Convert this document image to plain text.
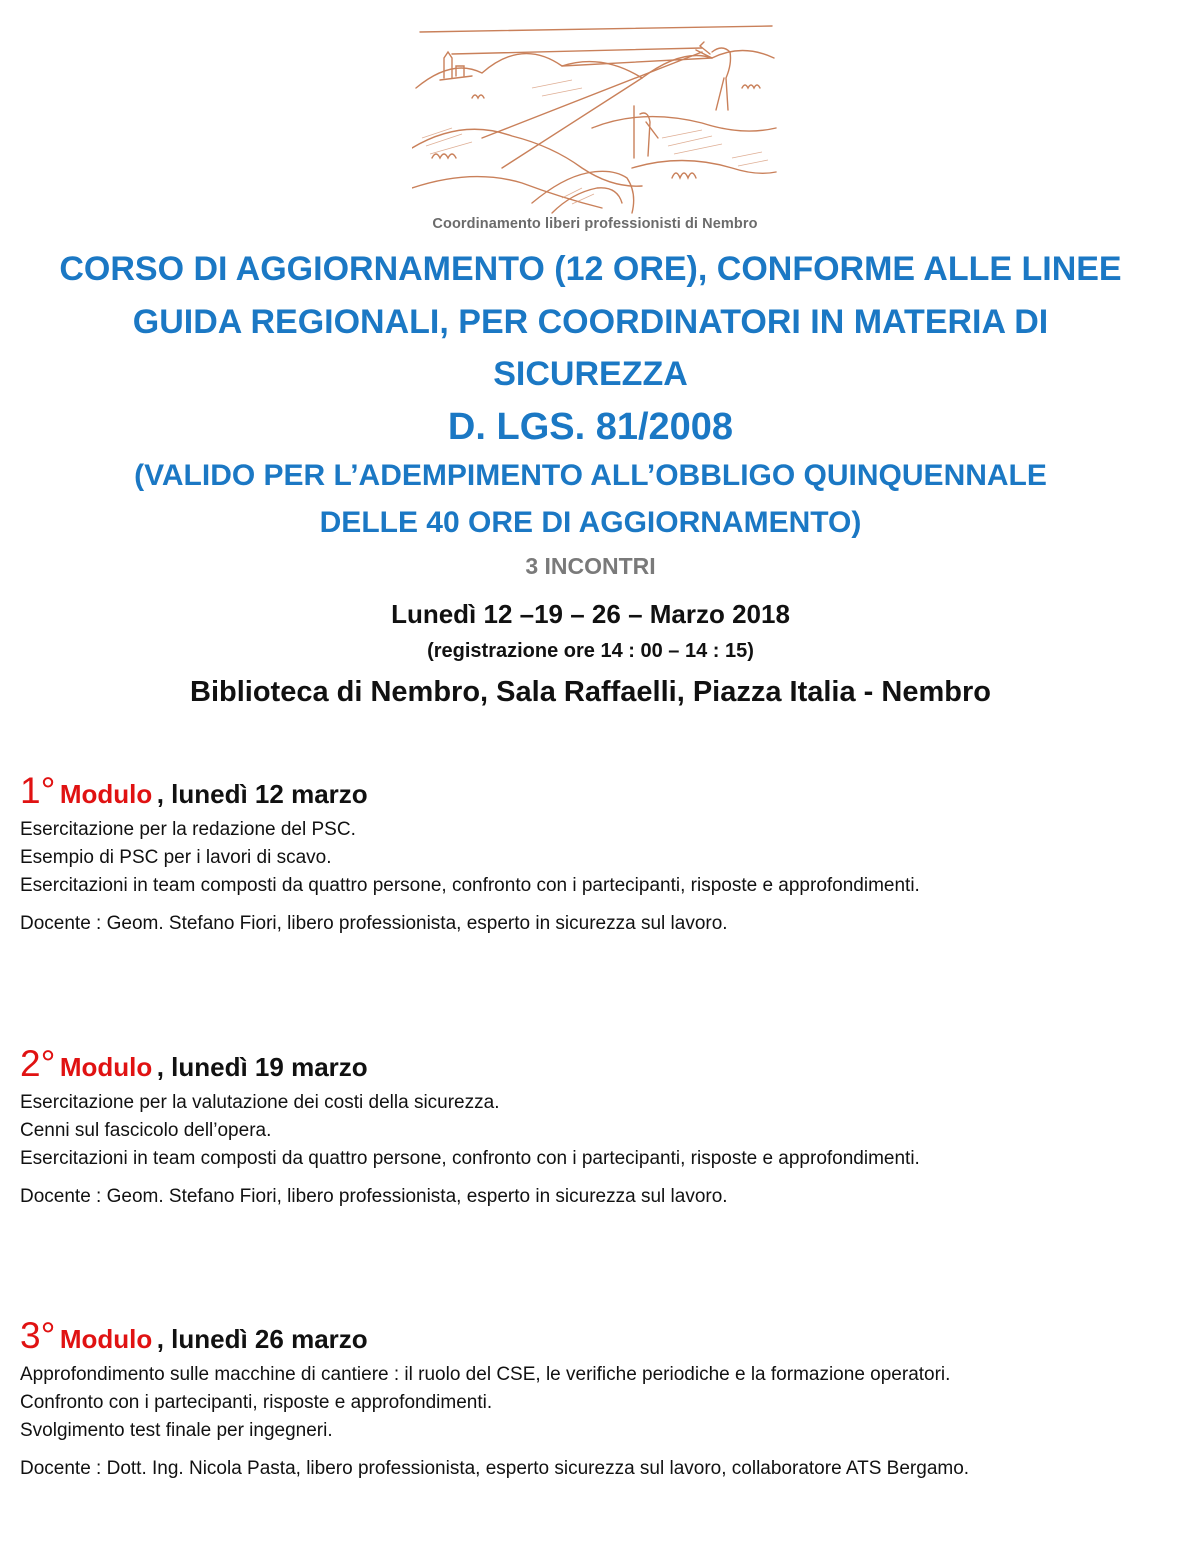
Coordinamento liberi professionisti di Nembro
CORSO DI AGGIORNAMENTO (12 ORE), CONFORME ALLE LINEE
GUIDA REGIONALI, PER COORDINATORI IN MATERIA DI
SICUREZZA
D. LGS. 81/2008
(VALIDO PER L’ADEMPIMENTO ALL’OBBLIGO QUINQUENNALE
DELLE 40 ORE DI AGGIORNAMENTO)
3 INCONTRI
Lunedì 12 –19 – 26 – Marzo 2018
(registrazione ore 14 : 00 – 14 : 15)
Biblioteca di Nembro, Sala Raffaelli, Piazza Italia - Nembro
1° Modulo , lunedì 12 marzo
Esercitazione per la redazione del PSC.
Esempio di PSC per i lavori di scavo.
Esercitazioni in team composti da quattro persone, confronto con i partecipanti, risposte e approfondimenti.
Docente : Geom. Stefano Fiori, libero professionista, esperto in sicurezza sul lavoro.
2° Modulo , lunedì 19 marzo
Esercitazione per la valutazione dei costi della sicurezza.
Cenni sul fascicolo dell’opera.
Esercitazioni in team composti da quattro persone, confronto con i partecipanti, risposte e approfondimenti.
Docente : Geom. Stefano Fiori, libero professionista, esperto in sicurezza sul lavoro.
3° Modulo , lunedì 26 marzo
Approfondimento sulle macchine di cantiere : il ruolo del CSE, le verifiche periodiche e la formazione operatori.
Confronto con i partecipanti, risposte e approfondimenti.
Svolgimento test finale per ingegneri.
Docente : Dott. Ing. Nicola Pasta, libero professionista, esperto sicurezza sul lavoro, collaboratore ATS Bergamo.
